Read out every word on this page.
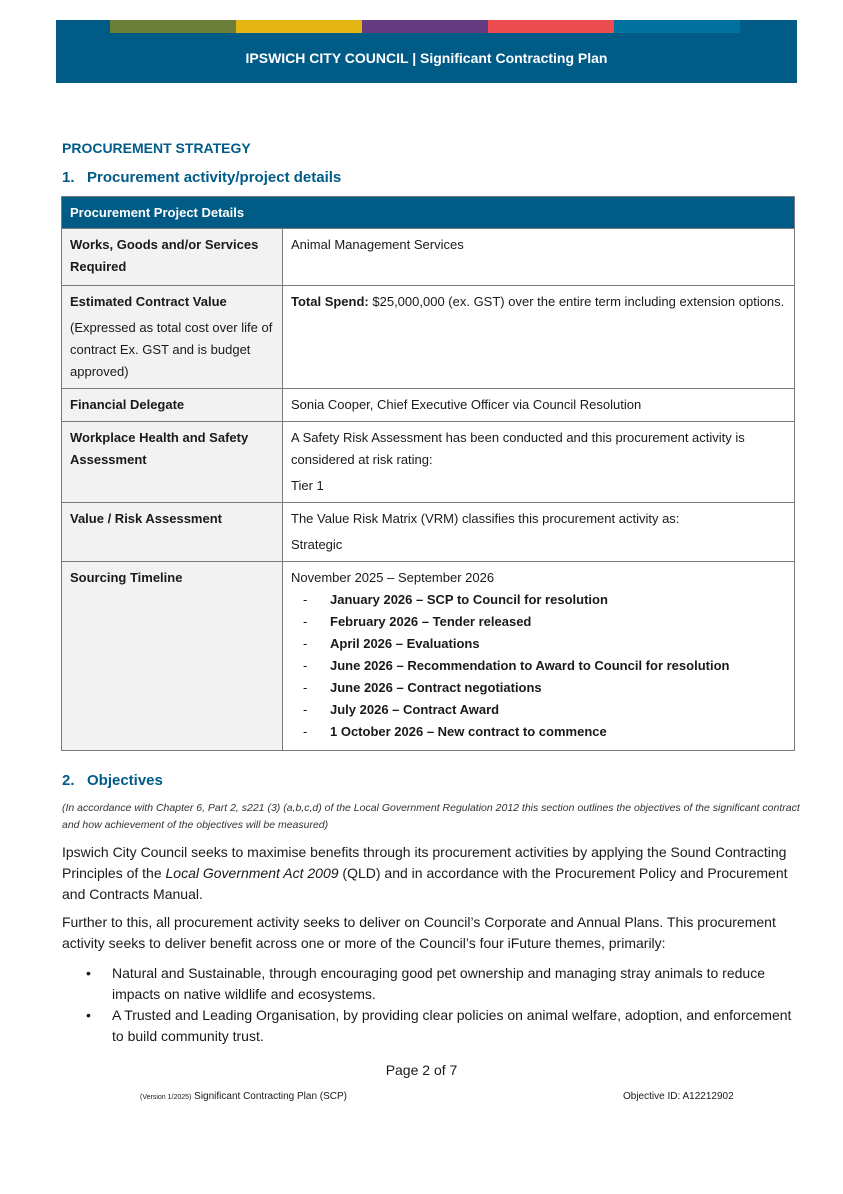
IPSWICH CITY COUNCIL | Significant Contracting Plan
PROCUREMENT STRATEGY
1. Procurement activity/project details
Procurement Project Details	
Works, Goods and/or Services Required	Animal Management Services

Estimated Contract Value
(Expressed as total cost over life of contract Ex. GST and is budget approved)	Total Spend: $25,000,000 (ex. GST) over the entire term including extension options.
Financial Delegate	Sonia Cooper, Chief Executive Officer via Council Resolution
Workplace Health and Safety Assessment	A Safety Risk Assessment has been conducted and this procurement activity is considered at risk rating:
Tier 1

Value / Risk Assessment	The Value Risk Matrix (VRM) classifies this procurement activity as:
Strategic

Sourcing Timeline	November 2025 – September 2026
-	January 2026 – SCP to Council for resolution
-	February 2026 – Tender released
-	April 2026 – Evaluations
-	June 2026 – Recommendation to Award to Council for resolution
-	June 2026 – Contract negotiations
-	July 2026 – Contract Award
-	1 October 2026 – New contract to commence
2. Objectives
(In accordance with Chapter 6, Part 2, s221 (3) (a,b,c,d) of the Local Government Regulation 2012 this section outlines the objectives of the significant contract and how achievement of the objectives will be measured)

Ipswich City Council seeks to maximise benefits through its procurement activities by applying the Sound Contracting Principles of the Local Government Act 2009 (QLD) and in accordance with the Procurement Policy and Procurement and Contracts Manual.

Further to this, all procurement activity seeks to deliver on Council’s Corporate and Annual Plans. This procurement activity seeks to deliver benefit across one or more of the Council’s four iFuture themes, primarily:

•	Natural and Sustainable, through encouraging good pet ownership and managing stray animals to reduce impacts on native wildlife and ecosystems.
•	A Trusted and Leading Organisation, by providing clear policies on animal welfare, adoption, and enforcement to build community trust.
Page 2 of 7
(Version 1/2025) Significant Contracting Plan (SCP)	Objective ID: A12212902
